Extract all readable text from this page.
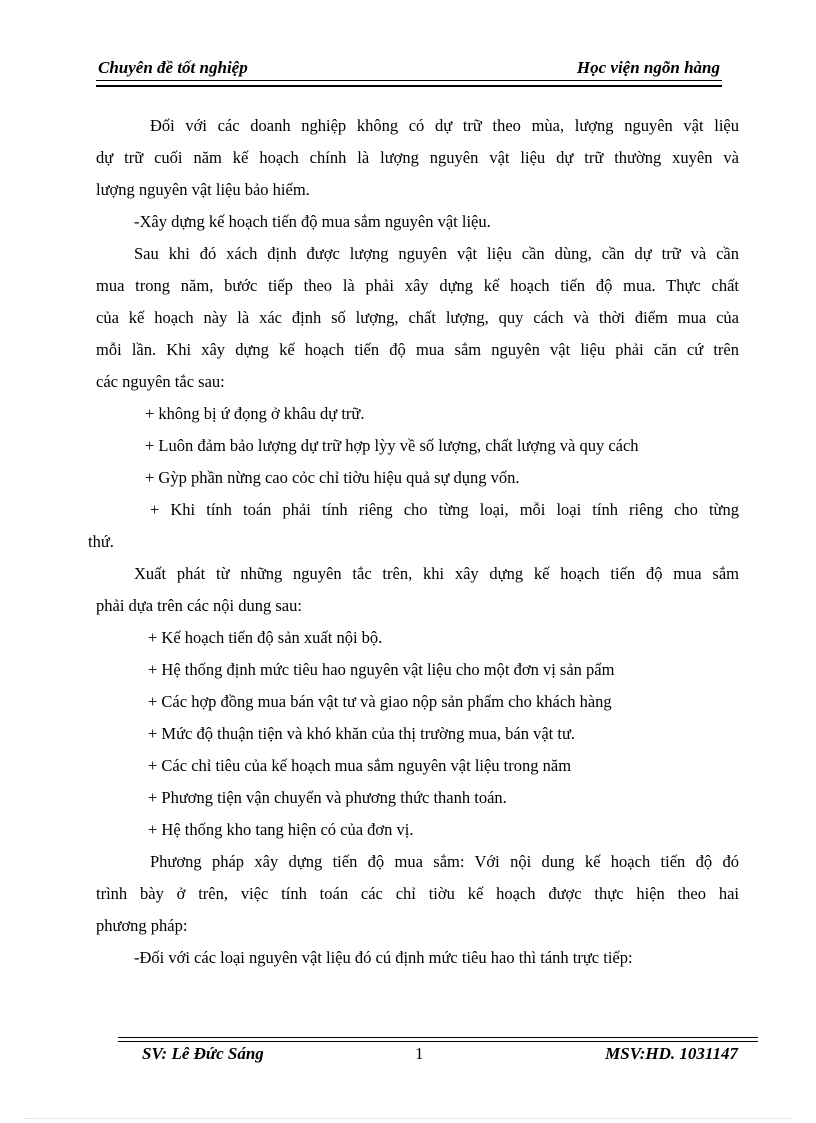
Chuyên đề tốt nghiệp	Học viện ngõn hàng
Đối với các doanh nghiệp không có dự trữ theo mùa, lượng nguyên vật liệu
dự trữ cuối năm kế hoạch chính là lượng nguyên vật liệu dự trữ thường xuyên và
lượng nguyên vật liệu bảo hiểm.
-Xây dựng kế hoạch tiến độ mua sắm nguyên vật liệu.
Sau khi đó xách định được lượng nguyên vật liệu cần dùng, cần dự trữ và cần
mua trong năm, bước tiếp theo là phải xây dựng kế hoạch tiến độ mua. Thực chất
của kế hoạch này là xác định số lượng, chất lượng, quy cách và thời điểm mua của
mỗi lần. Khi xây dựng kế hoạch tiến độ mua sắm nguyên vật liệu phải căn cứ trên
các nguyên tắc sau:
+ không bị ứ đọng ở khâu dự trữ.
+ Luôn đảm bảo lượng dự trữ hợp lỳy về số lượng, chất lượng và quy cách
+ Gỳp phần nừng cao cỏc chỉ tiờu hiệu quả sự dụng vốn.
+ Khi tính toán phải tính riêng cho từng loại, mỗi loại tính riêng cho từng
thứ.
Xuất phát từ những nguyên tắc trên, khi xây dựng kế hoạch tiến độ mua sắm
phải dựa trên các nội dung sau:
+ Kế hoạch tiến độ sản xuất nội bộ.
+ Hệ thống định mức tiêu hao nguyên vật liệu cho một đơn vị sản pẩm
+ Các hợp đồng mua bán vật tư và giao nộp sản phẩm cho khách hàng
+ Mức độ thuận tiện và khó khăn của thị trường mua, bán vật tư.
+ Các chỉ tiêu của kế hoạch mua sắm nguyên vật liệu trong năm
+ Phương tiện vận chuyển và phương thức thanh toán.
+ Hệ thống kho tang hiện có của đơn vị.
Phương pháp xây dựng tiến độ mua sắm: Với nội dung kế hoạch tiến độ đó
trình bày ở trên, việc tính toán các chỉ tiờu kế hoạch được thực hiện theo hai
phương pháp:
-Đối với các loại nguyên vật liệu đó cú định mức tiêu hao thì tánh trực tiếp:
SV: Lê Đức Sáng	1	MSV:HD. 1031147
